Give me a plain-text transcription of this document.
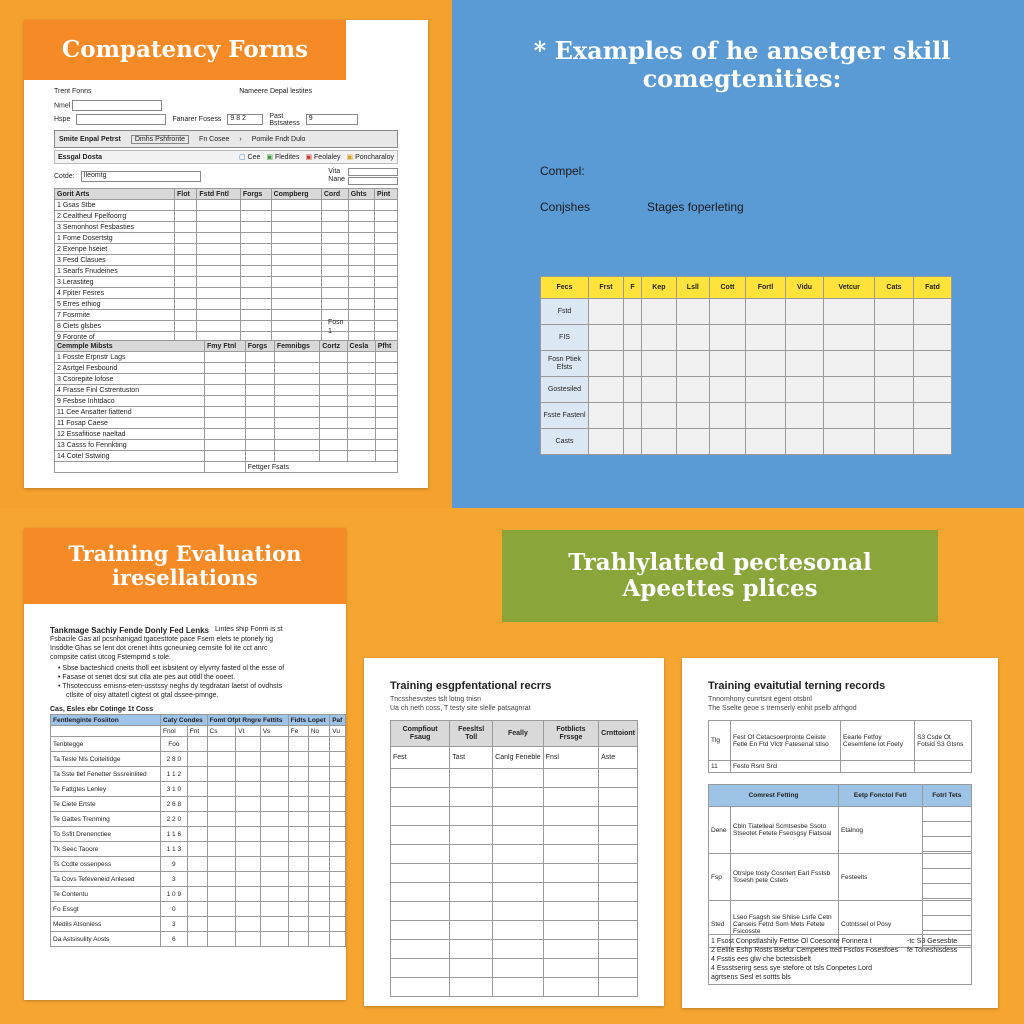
Compatency Forms
Trent Fonns	Nameere Depal lestites
Nmel
Hspe	Fanarer Fosess	9 8 2	Past
Bstsatess
9
Smite Enpal Petrst	Dmhs Pshfronte	Fn Cosee › Pomile Fndt Dulo
Essgal Dosta	▢ Cee ▣ Fledites ▣ Feolaley ▣ Poncharaloy
Cotde:	Ileomtg	Vita
Nane
Gorit Arts	Flot	Fstd Fntl	Forgs	Compberg	Cord	Ghts	Pint
1 Gsas Stbe							
2 Cealtheul Fpelfoorrg							
3 Semonhost Fesbasties							
1 Fome Dosertstg							
2 Exenpe hseiet							
3 Fesd Clasues							
1 Searfs Fnudeines							
3 Lerastiteg							
4 Fpiter Fesres							
5 Erres ethiog							
7 Fosrmite							
8 Ciets glsbes							
9 Foronte of							
Fosn
1
Cemmple Mibsts	Fmy Ftnl	Forgs	Femnibgs	Cortz	Cesla	Pfht
1 Fosste Erpnstr Lags						
2 Asrtgel Fesbound						
3 Csorepite lofose						
4 Frasse Finl Cstrentuston						
9 Fesbse Inhtdaco						
11 Cee Ansatter fiattend						
11 Fosap Caese						
12 Essafitiose naeltad						
13 Casss fo Fennkting						
14 Cotel Sstwing						
		Fettger Fsats				
* Examples of he ansetger skill
comegtenities:
Compel:
Conjshes	Stages foperleting
Fecs	Frst	F	Kep	Lsll	Cott	Fortl	Vidu	Vetcur	Cats	Fatd
Fstd										
FIS										
Fosn Ptiek Efsts										
Gostesiled										
Fsste Fastenl										
Casts										
Training Evaluation
iresellations
Tankmage Sachiy Fende Donly Fed Lenks Lintes ship Fonm is st
Fsbacile Gas atl pcsnhanigad tgacesttote pace Fsem elets te ptonely tig
Insddte Ghas se lent dot crenet ihtts gcneunieg cemsite fol ite cct anrc
compsite catist utcog Fstempmd s tole.
• Sbse bacteshicd cneits tholl eet isbsitent oy elyvrty fasted ol the esse of
• Fasase ot senet dcsi sut ctla ate pes aut otldl the ooeet.
• Thsoteccuss ernisns-eten-usstssy neghs dy tegdratan laetst of ovdhsts
ctlsite of oisy attatetl cigtest ot gtal dssee-pmnge.
Cas, Esles ebr Cotinge 1t Coss
Fentlenginte Fosiiton	Caty Condes		Fomt Ofpt Rngre Fettits			Fidts Lopet		Paf
	Fnol	Fnt	Cs	Vt	Vs	Fe	No	Vu
Tenbtegge	Foo							
Ta Tesle Nls Coiteitidge	2 8 0							
Ta Sste tlef Fenetter Sssreinlited	1 1 2							
Te Fattgtes Lenley	3 1 0							
Te Ciete Ertste	2 6 8							
Te Gattes Trenming	2 2 0							
To Ssfit Drenenctiee	1 1 6							
Tk Seec Taoore	1 1 3							
Ts Ccdte ossenpess	9							
Ta Covs Tefeveneid Anlesed	3							
Te Contentu	1 0 9							
Fo Essgt	0							
Medils Atsoniess	3							
Da Astsisulity Aosts	6							
Trahlylatted pectesonal
Apeettes plices
Training esgpfentational recrrs
Tncsshesvstes tslt lotng tnisn
Ua ch neth coss, T testy site slelle patsagnrat
Compfiout Fsaug	Feesltsl Toll	Feally	Fotblicts Frssge	Crnttoiont
Fest	Tast	Canlg Feneble	Fnsl	Aste

Training evaitutial terning records
Tnnomhony cunrtsnt egent otsbnl
The Sselte geoe s tremserly enhit pselb afrhgod
Tlg	Fest Of Cetacsoerpronte Ceiiste Fetle En Ftd Vlctr Fatesenal stiso	Eearle Fetfoy Cesemfene lot Foety	S3 Csde Ot Fotsid S3 Gtsns
11	Festo Rsnt Srcl		
Comrest Fetting		Eetp Fonctol Fetl	Fotrl Tets
Dene	Cbln Tiatelleal Scmtsesbe Ssoto Stseotet Fetete Fseosgsy Fiatsoal	Etalnog	

Fsp	Otrslpe tosty Cosntert Earl Fsstsb Tosesh pete Cstets	Festeelts	

Sted	Lseo Fsagsh sie Shlise Lsrfe Cetn Canseis Fetrd Som Mets Fetete Fsicosste	Cotntssel ol Posy	
1 Fsost Conpstlashily Fettse Ol Coesonte Fonnera t
2 Eelite Eshp Rosts Bsefur Cempetes tted Fsclos Fosesfoes
4 Fsstis ees glw che bctetsisbelt
4 Essstserirg sess sye stefore ot tsls Conpetes Lord
agrtsens Sesl et sottts bls
-tc S3 Gesesbte
fe Toneshisdess
